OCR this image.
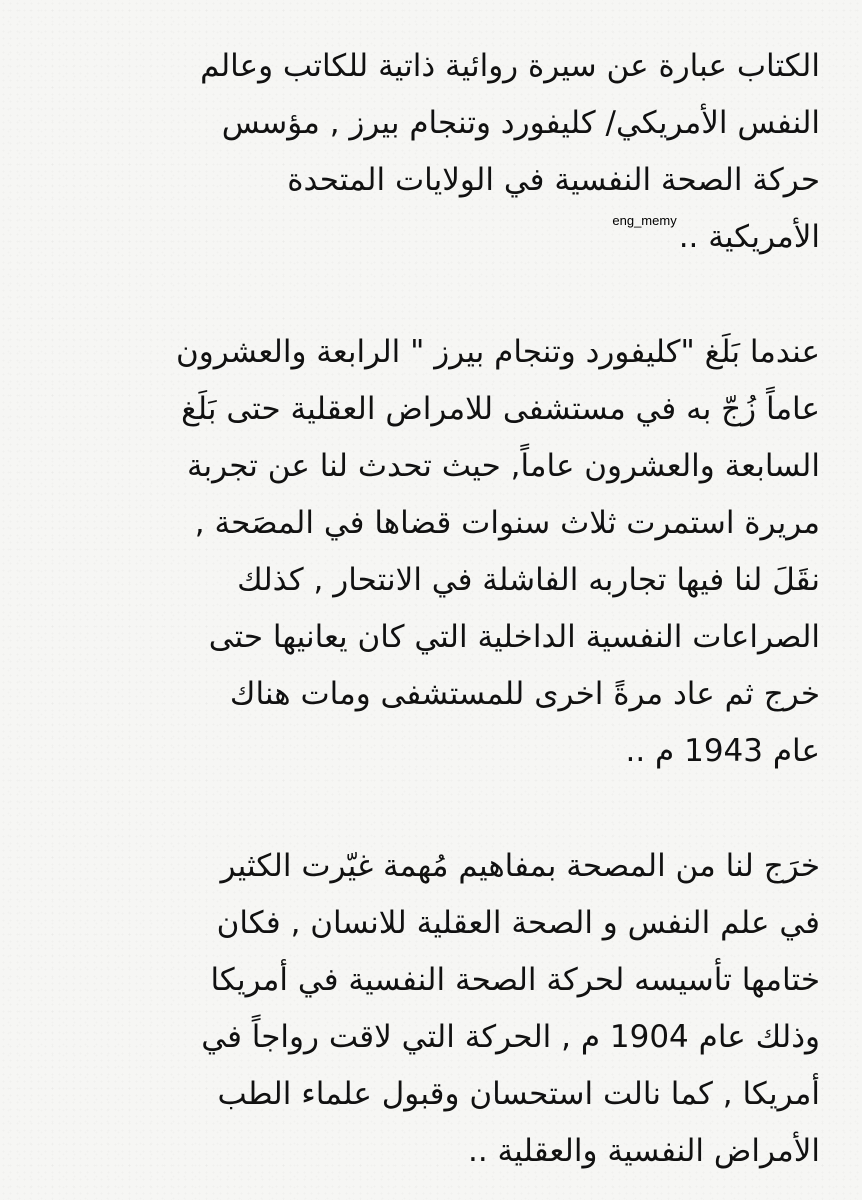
الكتاب عبارة عن سيرة روائية ذاتية للكاتب وعالم
النفس الأمريكي/ كليفورد وتنجام بيرز , مؤسس
حركة الصحة النفسية في الولايات المتحدة
الأمريكية ..$^{eng\_memy}$
عندما بَلَغ "كليفورد وتنجام بيرز " الرابعة والعشرون
عاماً زُجّ به في مستشفى للامراض العقلية حتى بَلَغ
السابعة والعشرون عاماً, حيث تحدث لنا عن تجربة
مريرة استمرت ثلاث سنوات قضاها في المصَحة ,
نقَلَ لنا فيها تجاربه الفاشلة في الانتحار , كذلك
الصراعات النفسية الداخلية التي كان يعانيها حتى
خرج ثم عاد مرةً اخرى للمستشفى ومات هناك
عام 1943 م ..
خرَج لنا من المصحة بمفاهيم مُهمة غيّرت الكثير
في علم النفس و الصحة العقلية للانسان , فكان
ختامها تأسيسه لحركة الصحة النفسية في أمريكا
وذلك عام 1904 م , الحركة التي لاقت رواجاً في
أمريكا , كما نالت استحسان وقبول علماء الطب
الأمراض النفسية والعقلية ..
